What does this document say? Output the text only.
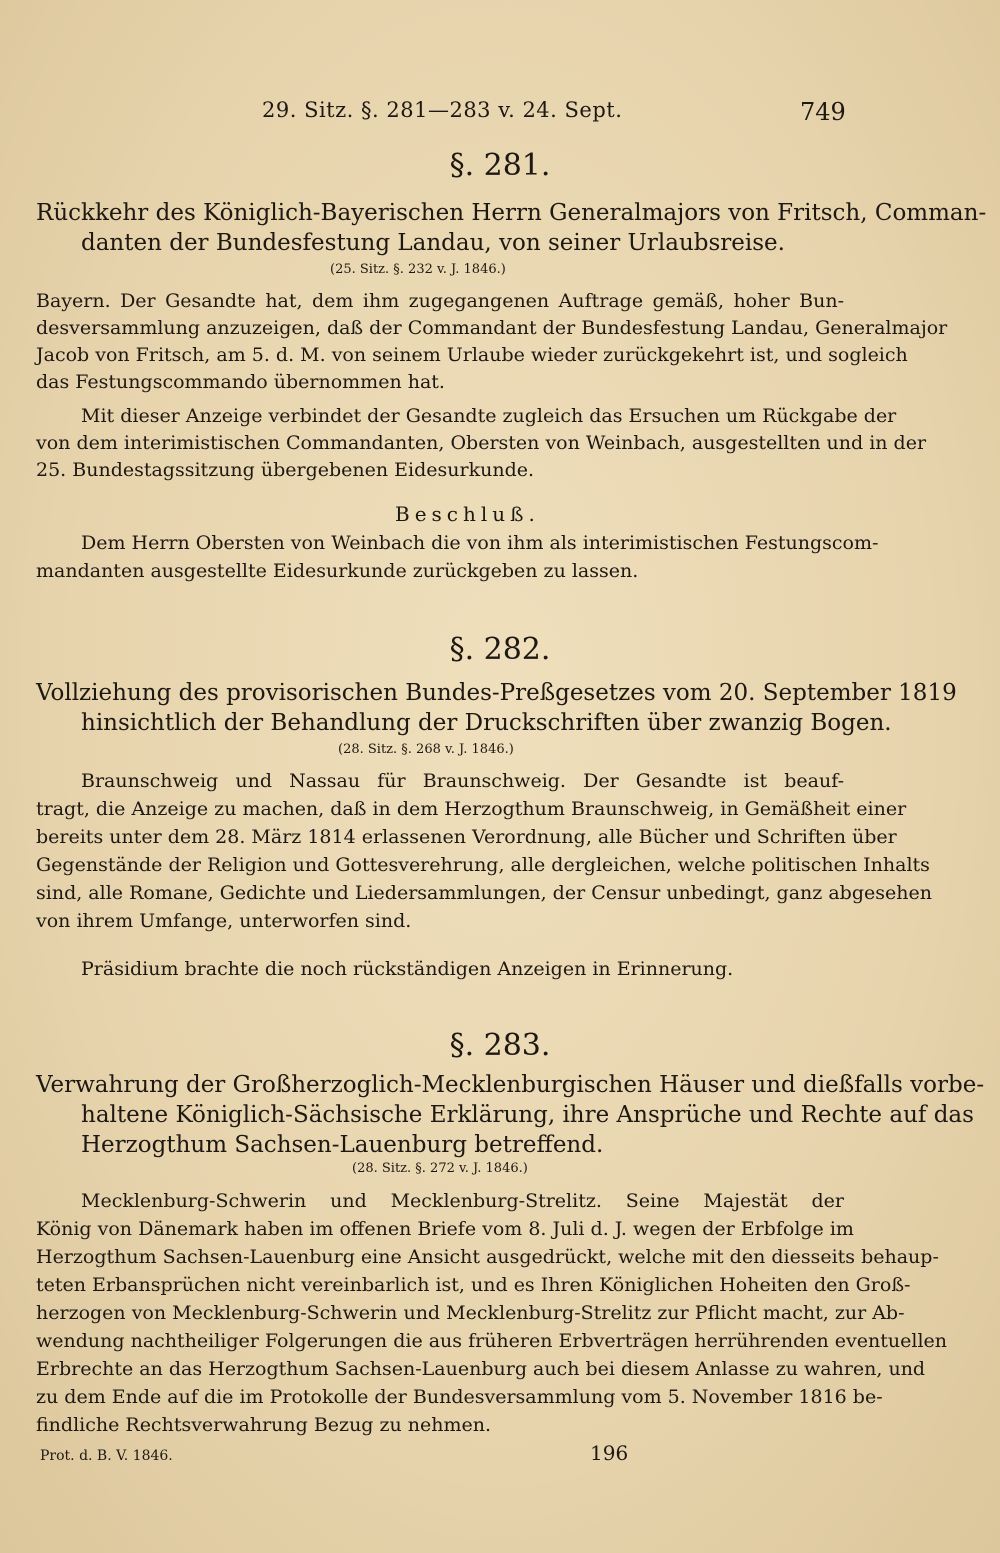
29. Sitz. §. 281—283 v. 24. Sept.	749
§. 281.
Rückkehr des Königlich-Bayerischen Herrn Generalmajors von Fritsch, Comman-
danten der Bundesfestung Landau, von seiner Urlaubsreise.
(25. Sitz. §. 232 v. J. 1846.)
Bayern. Der Gesandte hat, dem ihm zugegangenen Auftrage gemäß, hoher Bun-
desversammlung anzuzeigen, daß der Commandant der Bundesfestung Landau, Generalmajor
Jacob von Fritsch, am 5. d. M. von seinem Urlaube wieder zurückgekehrt ist, und sogleich
das Festungscommando übernommen hat.
Mit dieser Anzeige verbindet der Gesandte zugleich das Ersuchen um Rückgabe der
von dem interimistischen Commandanten, Obersten von Weinbach, ausgestellten und in der
25. Bundestagssitzung übergebenen Eidesurkunde.
Beschluß.
Dem Herrn Obersten von Weinbach die von ihm als interimistischen Festungscom-
mandanten ausgestellte Eidesurkunde zurückgeben zu lassen.
§. 282.
Vollziehung des provisorischen Bundes-Preßgesetzes vom 20. September 1819
hinsichtlich der Behandlung der Druckschriften über zwanzig Bogen.
(28. Sitz. §. 268 v. J. 1846.)
Braunschweig und Nassau für Braunschweig. Der Gesandte ist beauf-
tragt, die Anzeige zu machen, daß in dem Herzogthum Braunschweig, in Gemäßheit einer
bereits unter dem 28. März 1814 erlassenen Verordnung, alle Bücher und Schriften über
Gegenstände der Religion und Gottesverehrung, alle dergleichen, welche politischen Inhalts
sind, alle Romane, Gedichte und Liedersammlungen, der Censur unbedingt, ganz abgesehen
von ihrem Umfange, unterworfen sind.
Präsidium brachte die noch rückständigen Anzeigen in Erinnerung.
§. 283.
Verwahrung der Großherzoglich-Mecklenburgischen Häuser und dießfalls vorbe-
haltene Königlich-Sächsische Erklärung, ihre Ansprüche und Rechte auf das
Herzogthum Sachsen-Lauenburg betreffend.
(28. Sitz. §. 272 v. J. 1846.)
Mecklenburg-Schwerin und Mecklenburg-Strelitz. Seine Majestät der
König von Dänemark haben im offenen Briefe vom 8. Juli d. J. wegen der Erbfolge im
Herzogthum Sachsen-Lauenburg eine Ansicht ausgedrückt, welche mit den diesseits behaup-
teten Erbansprüchen nicht vereinbarlich ist, und es Ihren Königlichen Hoheiten den Groß-
herzogen von Mecklenburg-Schwerin und Mecklenburg-Strelitz zur Pflicht macht, zur Ab-
wendung nachtheiliger Folgerungen die aus früheren Erbverträgen herrührenden eventuellen
Erbrechte an das Herzogthum Sachsen-Lauenburg auch bei diesem Anlasse zu wahren, und
zu dem Ende auf die im Protokolle der Bundesversammlung vom 5. November 1816 be-
findliche Rechtsverwahrung Bezug zu nehmen.
Prot. d. B. V. 1846.	196
